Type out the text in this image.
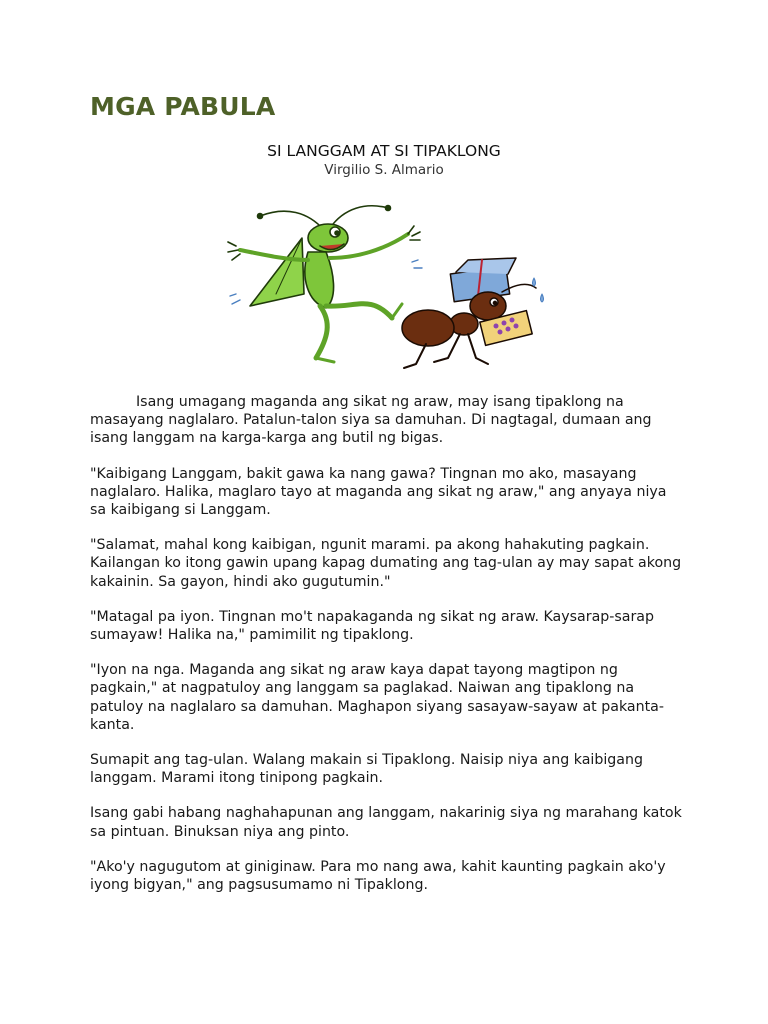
MGA PABULA

SI LANGGAM AT SI TIPAKLONG

Virgilio S. Almario

Isang umagang maganda ang sikat ng araw, may isang tipaklong na masayang naglalaro. Patalun-talon siya sa damuhan. Di nagtagal, dumaan ang isang langgam na karga-karga ang butil ng bigas.

"Kaibigang Langgam, bakit gawa ka nang gawa? Tingnan mo ako, masayang naglalaro. Halika, maglaro tayo at maganda ang sikat ng araw," ang anyaya niya sa kaibigang si Langgam.

"Salamat, mahal kong kaibigan, ngunit marami. pa akong hahakuting pagkain. Kailangan ko itong gawin upang kapag dumating ang tag-ulan ay may sapat akong kakainin. Sa gayon, hindi ako gugutumin."

"Matagal pa iyon. Tingnan mo't napakaganda ng sikat ng araw. Kaysarap-sarap sumayaw! Halika na," pamimilit ng tipaklong.

"Iyon na nga. Maganda ang sikat ng araw kaya dapat tayong magtipon ng pagkain," at nagpatuloy ang langgam sa paglakad. Naiwan ang tipaklong na patuloy na naglalaro sa damuhan. Maghapon siyang sasayaw-sayaw at pakanta-kanta.

Sumapit ang tag-ulan. Walang makain si Tipaklong. Naisip niya ang kaibigang langgam. Marami itong tinipong pagkain.

Isang gabi habang naghahapunan ang langgam, nakarinig siya ng marahang katok sa pintuan. Binuksan niya ang pinto.

"Ako'y nagugutom at giniginaw. Para mo nang awa, kahit kaunting pagkain ako'y iyong bigyan," ang pagsusumamo ni Tipaklong.
